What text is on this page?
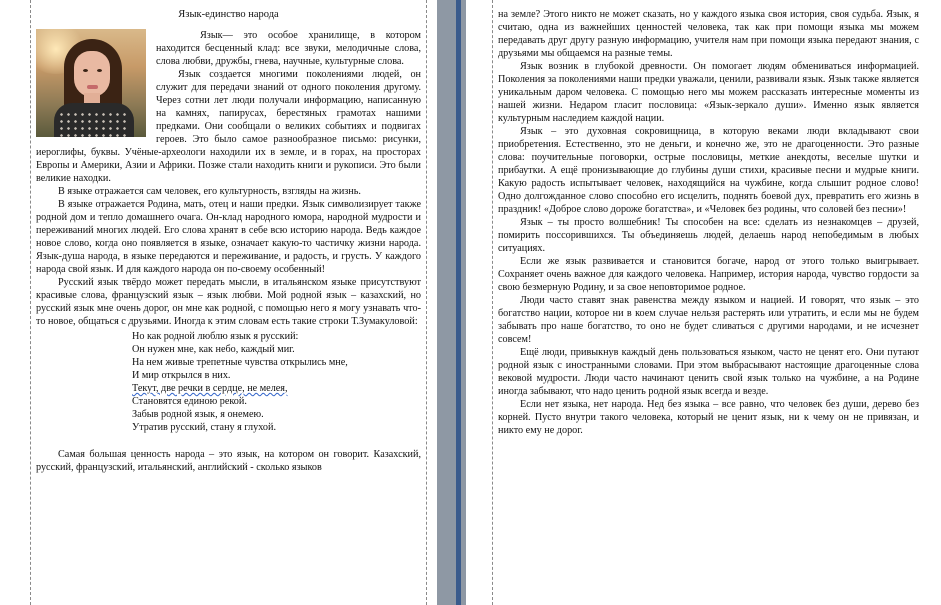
Язык-единство народа

Язык— это особое хранилище, в котором находится бесценный клад: все звуки, мелодичные слова, слова любви, дружбы, гнева, научные, культурные слова.

Язык создается многими поколениями людей, он служит для передачи знаний от одного поколения другому. Через сотни лет люди получали информацию, написанную на камнях, папирусах, берестяных грамотах нашими предками. Они сообщали о великих событиях и подвигах героев. Это было самое разнообразное письмо: рисунки, иероглифы, буквы. Учёные-археологи находили их в земле, и в горах, на просторах Европы и Америки, Азии и Африки. Позже стали находить книги и рукописи. Это были великие находки.

В языке отражается сам человек, его культурность, взгляды на жизнь.

В языке отражается Родина, мать, отец и наши предки. Язык символизирует также родной дом и тепло домашнего очага. Он-клад народного юмора, народной мудрости и переживаний многих людей. Его слова хранят в себе всю историю народа. Ведь каждое новое слово, когда оно появляется в языке, означает какую-то частичку жизни народа. Язык-душа народа, в языке передаются и переживание, и радость, и грусть. У каждого народа свой язык. И для каждого народа он по-своему особенный!

Русский язык твёрдо может передать мысли, в итальянском языке присутствуют красивые слова, французский язык – язык любви. Мой родной язык – казахский, но русский язык мне очень дорог, он мне как родной, с помощью него я могу узнавать что-то новое, общаться с друзьями. Иногда к этим словам есть такие строки Т.Зумакуловой:

Но как родной люблю язык я русский:
Он нужен мне, как небо, каждый миг.
На нем живые трепетные чувства открылись мне,
И мир открылся в них.
Текут, две речки в сердце, не мелея,
Становятся единою рекой.
Забыв родной язык, я онемею.
Утратив русский, стану я глухой.

Самая большая ценность народа – это язык, на котором он говорит. Казахский, русский, французский, итальянский, английский - сколько языков

на земле? Этого никто не может сказать, но у каждого языка своя история, своя судьба. Язык, я считаю, одна из важнейших ценностей человека, так как при помощи языка мы можем передавать друг другу разную информацию, учителя нам при помощи языка передают знания, с друзьями мы общаемся на разные темы.

Язык возник в глубокой древности. Он помогает людям обмениваться информацией. Поколения за поколениями наши предки уважали, ценили, развивали язык. Язык также является уникальным даром человека. С помощью него мы можем рассказать интересные моменты из нашей жизни. Недаром гласит пословица: «Язык-зеркало души». Именно язык является культурным наследием каждой нации.

Язык – это духовная сокровищница, в которую веками люди вкладывают свои приобретения. Естественно, это не деньги, и конечно же, это не драгоценности. Это разные слова: поучительные поговорки, острые пословицы, меткие анекдоты, веселые шутки и прибаутки. А ещё пронизывающие до глубины души стихи, красивые песни и мудрые книги. Какую радость испытывает человек, находящийся на чужбине, когда слышит родное слово! Одно долгожданное слово способно его исцелить, поднять боевой дух, превратить его жизнь в праздник! «Доброе слово дороже богатства», и «Человек без родины, что соловей без песни»!

Язык – ты просто волшебник! Ты способен на все: сделать из незнакомцев – друзей, помирить поссорившихся. Ты объединяешь людей, делаешь народ непобедимым в любых ситуациях.

Если же язык развивается и становится богаче, народ от этого только выигрывает. Сохраняет очень важное для каждого человека. Например, история народа, чувство гордости за свою безмерную Родину, и за свое неповторимое родное.

Люди часто ставят знак равенства между языком и нацией. И говорят, что язык – это богатство нации, которое ни в коем случае нельзя растерять или утратить, и если мы не будем забывать про наше богатство, то оно не будет сливаться с другими народами, и не исчезнет совсем!

Ещё люди, привыкнув каждый день пользоваться языком, часто не ценят его. Они путают родной язык с иностранными словами. При этом выбрасывают настоящие драгоценные слова вековой мудрости. Люди часто начинают ценить свой язык только на чужбине, а на Родине иногда забывают, что надо ценить родной язык всегда и везде.

Если нет языка, нет народа. Нед без языка – все равно, что человек без души, дерево без корней. Пусто внутри такого человека, который не ценит язык, ни к чему он не привязан, и никто ему не дорог.
